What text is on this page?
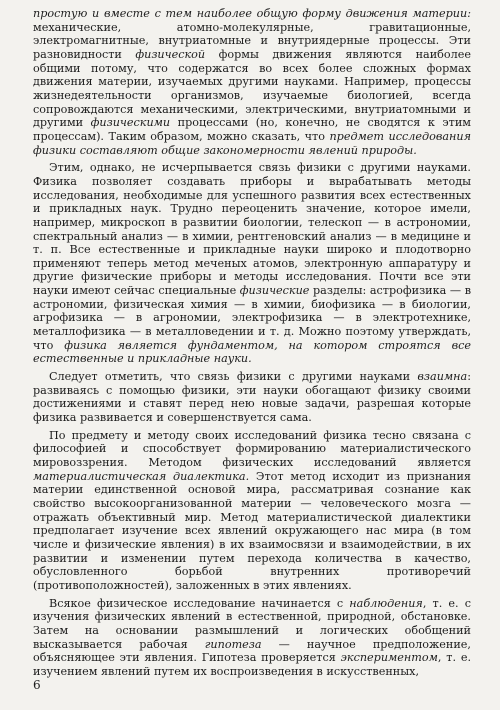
простую и вместе с тем наиболее общую форму движения материи: механические, атомно-молекулярные, гравитационные, электромагнитные, внутриатомные и внутриядерные процессы. Эти разновидности физической формы движения являются наиболее общими потому, что содержатся во всех более сложных формах движения материи, изучаемых другими науками. Например, процессы жизнедеятельности организмов, изучаемые биологией, всегда сопровождаются механическими, электрическими, внутриатомными и другими физическими процессами (но, конечно, не сводятся к этим процессам). Таким образом, можно сказать, что предмет исследования физики составляют общие закономерности явлений природы.

Этим, однако, не исчерпывается связь физики с другими науками. Физика позволяет создавать приборы и вырабатывать методы исследования, необходимые для успешного развития всех естественных и прикладных наук. Трудно переоценить значение, которое имели, например, микроскоп в развитии биологии, телескоп — в астрономии, спектральный анализ — в химии, рентгеновский анализ — в медицине и т. п. Все естественные и прикладные науки широко и плодотворно применяют теперь метод меченых атомов, электронную аппаратуру и другие физические приборы и методы исследования. Почти все эти науки имеют сейчас специальные физические разделы: астрофизика — в астрономии, физическая химия — в химии, биофизика — в биологии, агрофизика — в агрономии, электрофизика — в электротехнике, металлофизика — в металловедении и т. д. Можно поэтому утверждать, что физика является фундаментом, на котором строятся все естественные и прикладные науки.

Следует отметить, что связь физики с другими науками взаимна: развиваясь с помощью физики, эти науки обогащают физику своими достижениями и ставят перед нею новые задачи, разрешая которые физика развивается и совершенствуется сама.

По предмету и методу своих исследований физика тесно связана с философией и способствует формированию материалистического мировоззрения. Методом физических исследований является материалистическая диалектика. Этот метод исходит из признания материи единственной основой мира, рассматривая сознание как свойство высокоорганизованной материи — человеческого мозга — отражать объективный мир. Метод материалистической диалектики предполагает изучение всех явлений окружающего нас мира (в том числе и физические явления) в их взаимосвязи и взаимодействии, в их развитии и изменении путем перехода количества в качество, обусловленного борьбой внутренних противоречий (противоположностей), заложенных в этих явлениях.

Всякое физическое исследование начинается с наблюдения, т. е. с изучения физических явлений в естественной, природной, обстановке. Затем на основании размышлений и логических обобщений высказывается рабочая гипотеза — научное предположение, объясняющее эти явления. Гипотеза проверяется экспериментом, т. е. изучением явлений путем их воспроизведения в искусственных,

6
